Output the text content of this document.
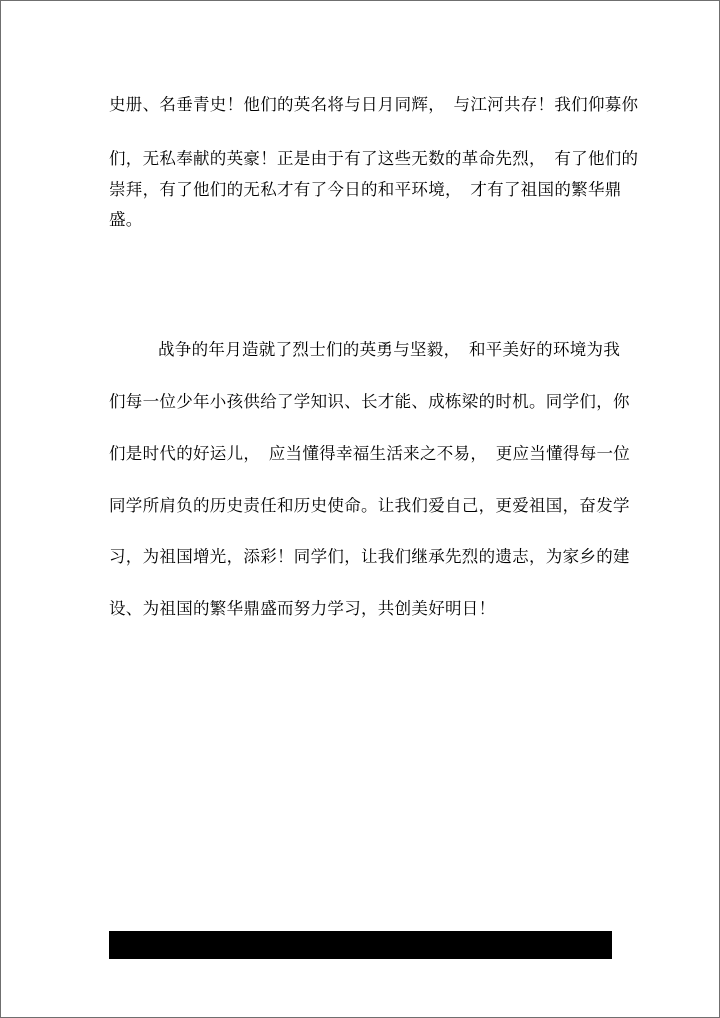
史册、名垂青史！他们的英名将与日月同辉，　与江河共存！我们仰募你
们，无私奉献的英豪！正是由于有了这些无数的革命先烈，　有了他们的
崇拜，有了他们的无私才有了今日的和平环境，　才有了祖国的繁华鼎
盛。
战争的年月造就了烈士们的英勇与坚毅，　和平美好的环境为我
们每一位少年小孩供给了学知识、长才能、成栋梁的时机。同学们，你
们是时代的好运儿，　应当懂得幸福生活来之不易，　更应当懂得每一位
同学所肩负的历史责任和历史使命。让我们爱自己，更爱祖国，奋发学
习，为祖国增光，添彩！同学们，让我们继承先烈的遗志，为家乡的建
设、为祖国的繁华鼎盛而努力学习，共创美好明日！
